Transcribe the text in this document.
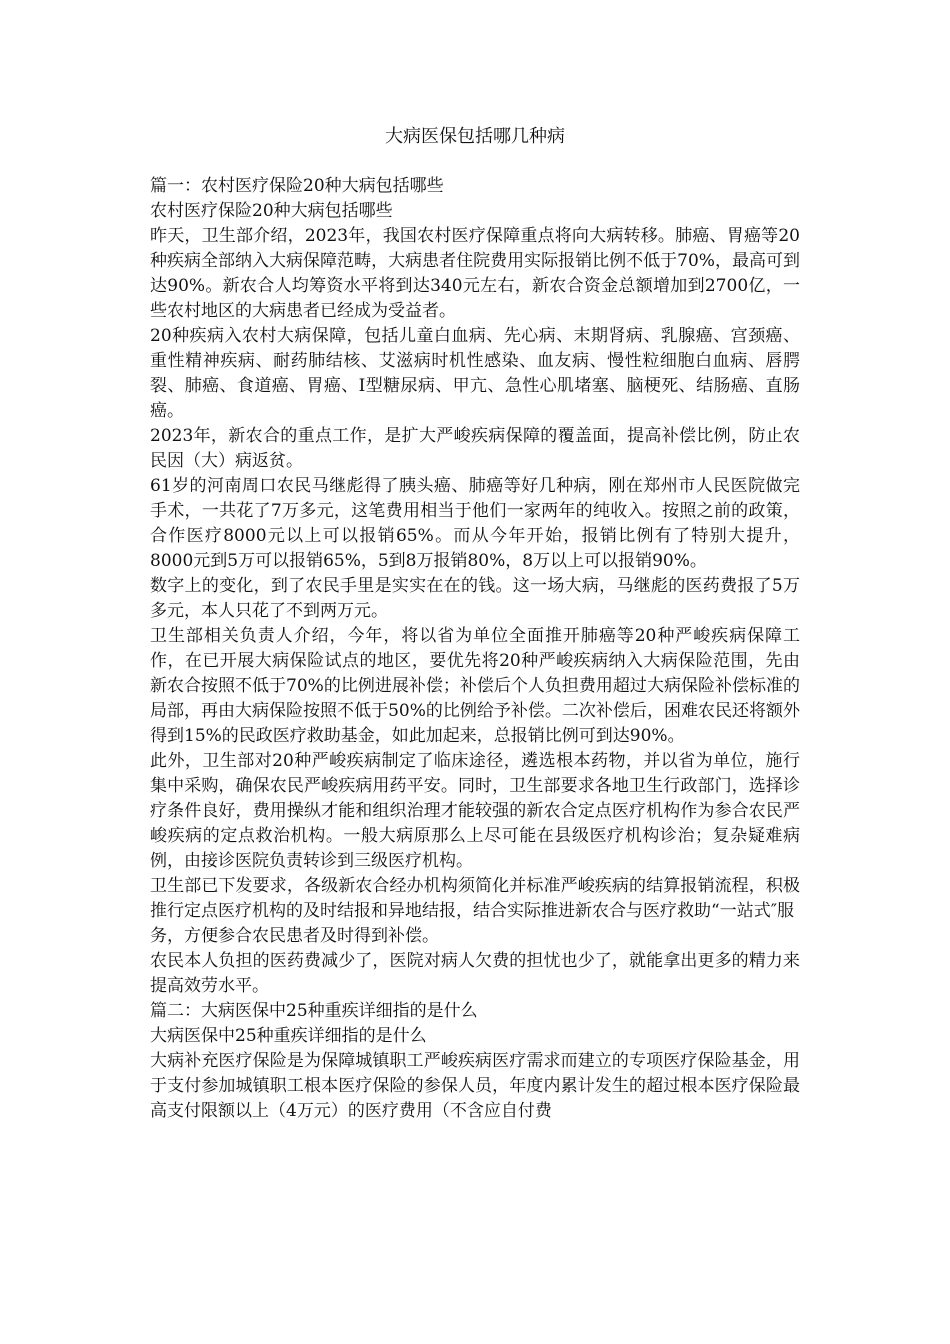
大病医保包括哪几种病

篇一：农村医疗保险20种大病包括哪些

农村医疗保险20种大病包括哪些

昨天，卫生部介绍，2023年，我国农村医疗保障重点将向大病转移。肺癌、胃癌等20种疾病全部纳入大病保障范畴，大病患者住院费用实际报销比例不低于70%，最高可到达90%。新农合人均筹资水平将到达340元左右，新农合资金总额增加到2700亿，一些农村地区的大病患者已经成为受益者。

20种疾病入农村大病保障，包括儿童白血病、先心病、末期肾病、乳腺癌、宫颈癌、重性精神疾病、耐药肺结核、艾滋病时机性感染、血友病、慢性粒细胞白血病、唇腭裂、肺癌、食道癌、胃癌、I型糖尿病、甲亢、急性心肌堵塞、脑梗死、结肠癌、直肠癌。

2023年，新农合的重点工作，是扩大严峻疾病保障的覆盖面，提高补偿比例，防止农民因（大）病返贫。

61岁的河南周口农民马继彪得了胰头癌、肺癌等好几种病，刚在郑州市人民医院做完手术，一共花了7万多元，这笔费用相当于他们一家两年的纯收入。按照之前的政策，合作医疗8000元以上可以报销65%。而从今年开始，报销比例有了特别大提升，8000元到5万可以报销65%，5到8万报销80%，8万以上可以报销90%。

数字上的变化，到了农民手里是实实在在的钱。这一场大病，马继彪的医药费报了5万多元，本人只花了不到两万元。

卫生部相关负责人介绍，今年，将以省为单位全面推开肺癌等20种严峻疾病保障工作，在已开展大病保险试点的地区，要优先将20种严峻疾病纳入大病保险范围，先由新农合按照不低于70%的比例进展补偿；补偿后个人负担费用超过大病保险补偿标准的局部，再由大病保险按照不低于50%的比例给予补偿。二次补偿后，困难农民还将额外得到15%的民政医疗救助基金，如此加起来，总报销比例可到达90%。

此外，卫生部对20种严峻疾病制定了临床途径，遴选根本药物，并以省为单位，施行集中采购，确保农民严峻疾病用药平安。同时，卫生部要求各地卫生行政部门，选择诊疗条件良好，费用操纵才能和组织治理才能较强的新农合定点医疗机构作为参合农民严峻疾病的定点救治机构。一般大病原那么上尽可能在县级医疗机构诊治；复杂疑难病例，由接诊医院负责转诊到三级医疗机构。

卫生部已下发要求，各级新农合经办机构须简化并标准严峻疾病的结算报销流程，积极推行定点医疗机构的及时结报和异地结报，结合实际推进新农合与医疗救助“一站式″服

务，方便参合农民患者及时得到补偿。

农民本人负担的医药费减少了，医院对病人欠费的担忧也少了，就能拿出更多的精力来提高效劳水平。

篇二：大病医保中25种重疾详细指的是什么

大病医保中25种重疾详细指的是什么

大病补充医疗保险是为保障城镇职工严峻疾病医疗需求而建立的专项医疗保险基金，用于支付参加城镇职工根本医疗保险的参保人员，年度内累计发生的超过根本医疗保险最高支付限额以上（4万元）的医疗费用（不含应自付费
